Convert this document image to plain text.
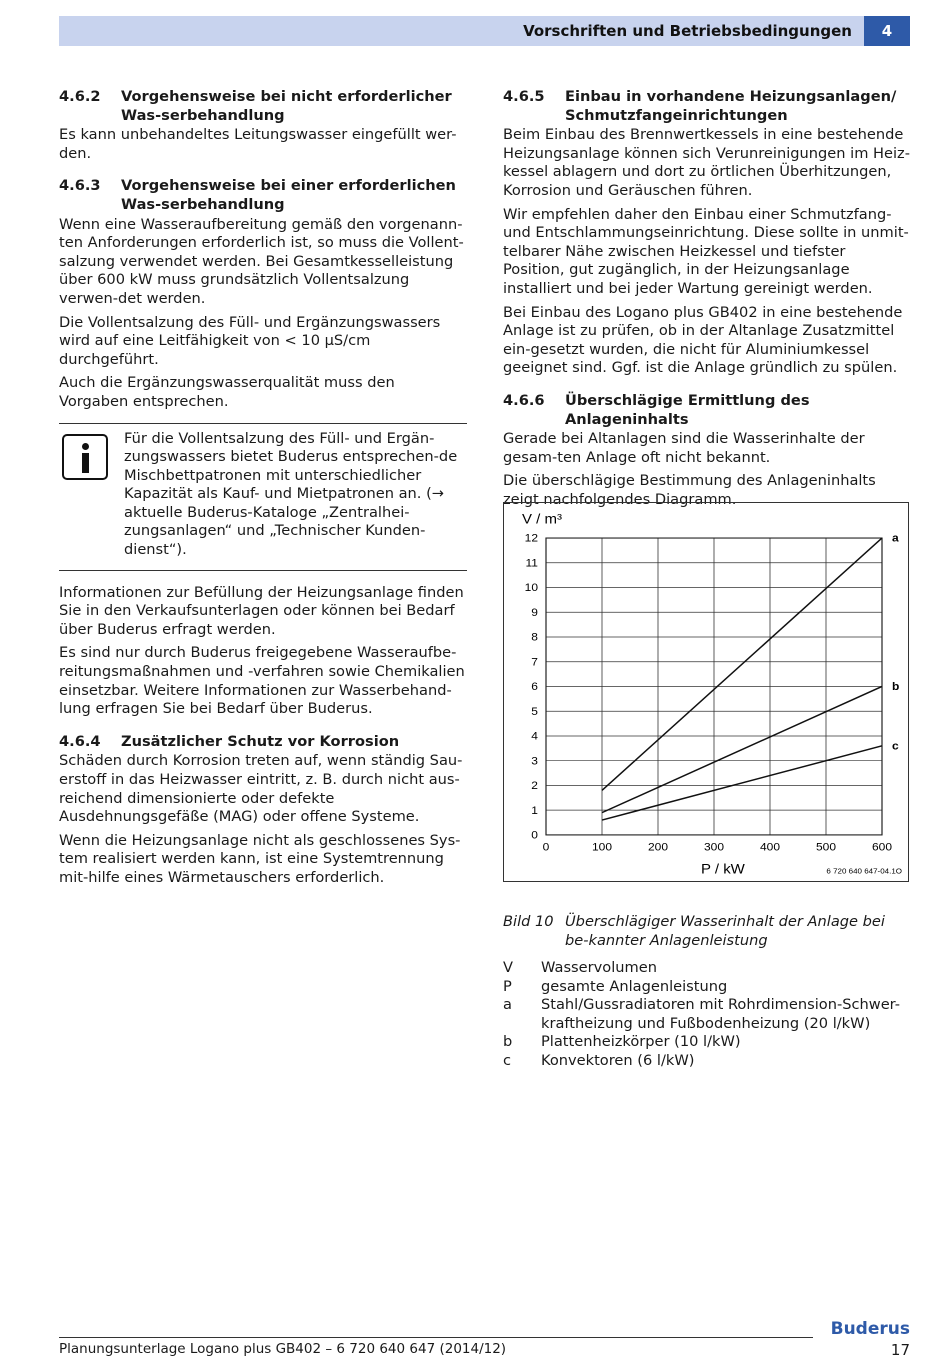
Vorschriften und Betriebsbedingungen	4
4.6.2	Vorgehensweise bei nicht erforderlicher Was-serbehandlung

Es kann unbehandeltes Leitungswasser eingefüllt wer-den.

4.6.3	Vorgehensweise bei einer erforderlichen Was-serbehandlung

Wenn eine Wasseraufbereitung gemäß den vorgenann-ten Anforderungen erforderlich ist, so muss die Vollent-salzung verwendet werden. Bei Gesamtkesselleistung über 600 kW muss grundsätzlich Vollentsalzung verwen-det werden.

Die Vollentsalzung des Füll- und Ergänzungswassers wird auf eine Leitfähigkeit von < 10 µS/cm durchgeführt.

Auch die Ergänzungswasserqualität muss den Vorgaben entsprechen.

Für die Vollentsalzung des Füll- und Ergän-zungswassers bietet Buderus entsprechen-de Mischbettpatronen mit unterschiedlicher Kapazität als Kauf- und Mietpatronen an. (→ aktuelle Buderus-Kataloge „Zentralhei-zungsanlagen“ und „Technischer Kunden-dienst“).

Informationen zur Befüllung der Heizungsanlage finden Sie in den Verkaufsunterlagen oder können bei Bedarf über Buderus erfragt werden.

Es sind nur durch Buderus freigegebene Wasseraufbe-reitungsmaßnahmen und -verfahren sowie Chemikalien einsetzbar. Weitere Informationen zur Wasserbehand-lung erfragen Sie bei Bedarf über Buderus.

4.6.4	Zusätzlicher Schutz vor Korrosion

Schäden durch Korrosion treten auf, wenn ständig Sau-erstoff in das Heizwasser eintritt, z. B. durch nicht aus-reichend dimensionierte oder defekte Ausdehnungsgefäße (MAG) oder offene Systeme.

Wenn die Heizungsanlage nicht als geschlossenes Sys-tem realisiert werden kann, ist eine Systemtrennung mit-hilfe eines Wärmetauschers erforderlich.

4.6.5	Einbau in vorhandene Heizungsanlagen/ Schmutzfangeinrichtungen

Beim Einbau des Brennwertkessels in eine bestehende Heizungsanlage können sich Verunreinigungen im Heiz-kessel ablagern und dort zu örtlichen Überhitzungen, Korrosion und Geräuschen führen.

Wir empfehlen daher den Einbau einer Schmutzfang- und Entschlammungseinrichtung. Diese sollte in unmit-telbarer Nähe zwischen Heizkessel und tiefster Position, gut zugänglich, in der Heizungsanlage installiert und bei jeder Wartung gereinigt werden.

Bei Einbau des Logano plus GB402 in eine bestehende Anlage ist zu prüfen, ob in der Altanlage Zusatzmittel ein-gesetzt wurden, die nicht für Aluminiumkessel geeignet sind. Ggf. ist die Anlage gründlich zu spülen.

4.6.6	Überschlägige Ermittlung des Anlageninhalts

Gerade bei Altanlagen sind die Wasserinhalte der gesam-ten Anlage oft nicht bekannt.

Die überschlägige Bestimmung des Anlageninhalts zeigt nachfolgendes Diagramm.

0
1
2
3
4
5
6
7
8
9
10
11
12
0	100	200	300	400	500	600
V / m³
P / kW	6 720 640 647-04.1O
a
b
c
Bild 10 Überschlägiger Wasserinhalt der Anlage bei be-kannter Anlagenleistung
V	Wasservolumen
P	gesamte Anlagenleistung
a	Stahl/Gussradiatoren mit Rohrdimension-Schwer-kraftheizung und Fußbodenheizung (20 l/kW)
b	Plattenheizkörper (10 l/kW)
c	Konvektoren (6 l/kW)
Planungsunterlage Logano plus GB402 – 6 720 640 647 (2014/12)
Buderus
17
